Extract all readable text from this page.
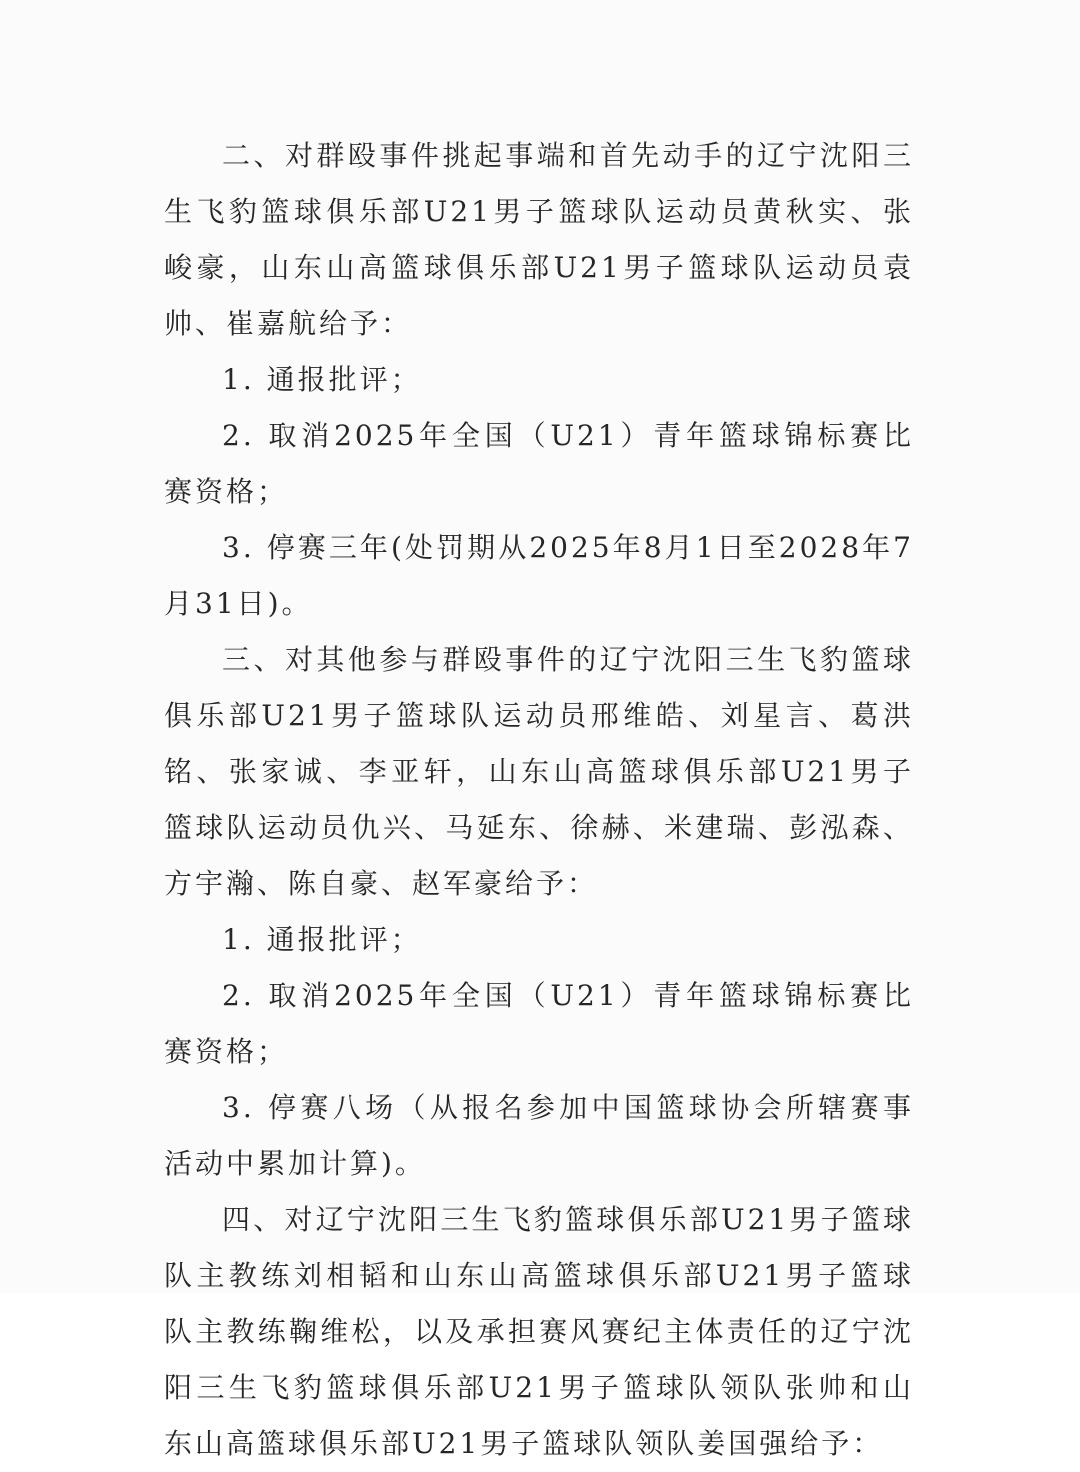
二、对群殴事件挑起事端和首先动手的辽宁沈阳三生飞豹篮球俱乐部U21男子篮球队运动员黄秋实、张峻豪，山东山高篮球俱乐部U21男子篮球队运动员袁帅、崔嘉航给予：

1. 通报批评；

2. 取消2025年全国（U21）青年篮球锦标赛比赛资格；

3. 停赛三年(处罚期从2025年8月1日至2028年7月31日)。

三、对其他参与群殴事件的辽宁沈阳三生飞豹篮球俱乐部U21男子篮球队运动员邢维皓、刘星言、葛洪铭、张家诚、李亚轩，山东山高篮球俱乐部U21男子篮球队运动员仇兴、马延东、徐赫、米建瑞、彭泓森、方宇瀚、陈自豪、赵军豪给予：

1. 通报批评；

2. 取消2025年全国（U21）青年篮球锦标赛比赛资格；

3. 停赛八场（从报名参加中国篮球协会所辖赛事活动中累加计算)。

四、对辽宁沈阳三生飞豹篮球俱乐部U21男子篮球队主教练刘相韬和山东山高篮球俱乐部U21男子篮球队主教练鞠维松，以及承担赛风赛纪主体责任的辽宁沈阳三生飞豹篮球俱乐部U21男子篮球队领队张帅和山东山高篮球俱乐部U21男子篮球队领队姜国强给予：
